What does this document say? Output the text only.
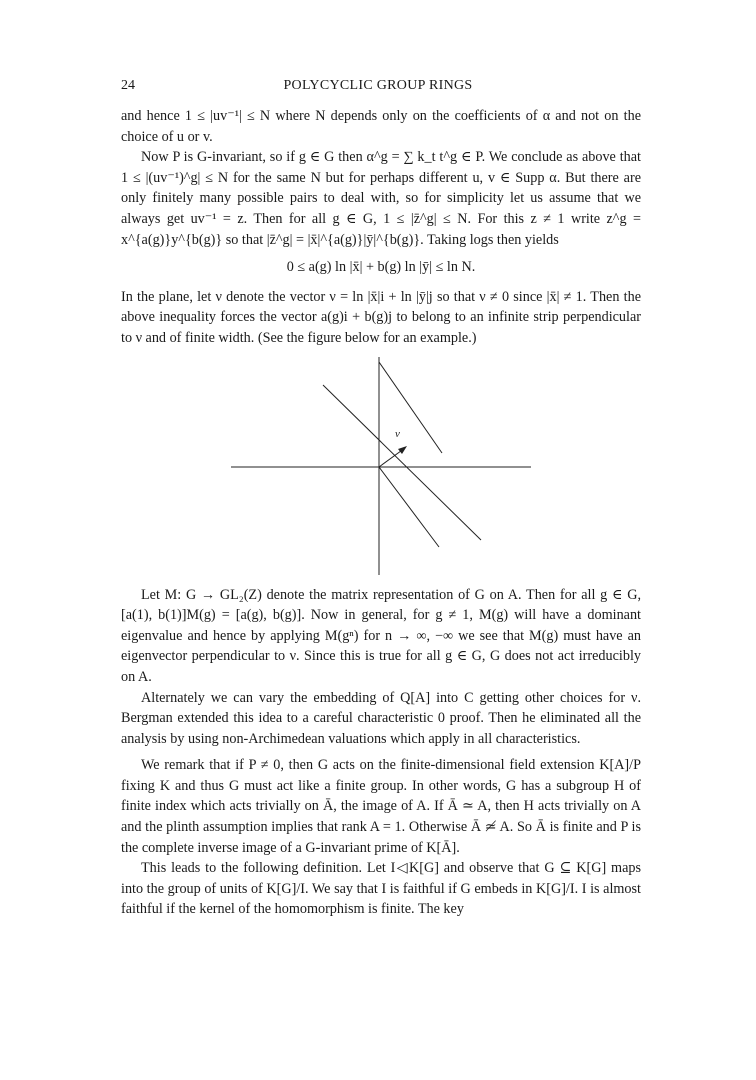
24	POLYCYCLIC GROUP RINGS

and hence 1 ≤ |uv⁻¹| ≤ N where N depends only on the coefficients of α and not on the choice of u or v.

Now P is G-invariant, so if g ∈ G then α^g = ∑ k_t t^g ∈ P. We conclude as above that 1 ≤ |(uv⁻¹)^g| ≤ N for the same N but for perhaps different u, v ∈ Supp α. But there are only finitely many possible pairs to deal with, so for simplicity let us assume that we always get uv⁻¹ = z. Then for all g ∈ G, 1 ≤ |z̄^g| ≤ N. For this z ≠ 1 write z^g = x^{a(g)}y^{b(g)} so that |z̄^g| = |x̄|^{a(g)}|ȳ|^{b(g)}. Taking logs then yields

0 ≤ a(g) ln |x̄| + b(g) ln |ȳ| ≤ ln N.

In the plane, let ν denote the vector ν = ln |x̄|i + ln |ȳ|j so that ν ≠ 0 since |x̄| ≠ 1. Then the above inequality forces the vector a(g)i + b(g)j to belong to an infinite strip perpendicular to ν and of finite width. (See the figure below for an example.)

ν

Let M: G → GL₂(Z) denote the matrix representation of G on A. Then for all g ∈ G, [a(1), b(1)]M(g) = [a(g), b(g)]. Now in general, for g ≠ 1, M(g) will have a dominant eigenvalue and hence by applying M(gⁿ) for n → ∞, −∞ we see that M(g) must have an eigenvector perpendicular to ν. Since this is true for all g ∈ G, G does not act irreducibly on A.

Alternately we can vary the embedding of Q[A] into C getting other choices for ν. Bergman extended this idea to a careful characteristic 0 proof. Then he eliminated all the analysis by using non-Archimedean valuations which apply in all characteristics.

We remark that if P ≠ 0, then G acts on the finite-dimensional field extension K[A]/P fixing K and thus G must act like a finite group. In other words, G has a subgroup H of finite index which acts trivially on Ā, the image of A. If Ā ≃ A, then H acts trivially on A and the plinth assumption implies that rank A = 1. Otherwise Ā ≄ A. So Ā is finite and P is the complete inverse image of a G-invariant prime of K[Ā].

This leads to the following definition. Let I◁K[G] and observe that G ⊆ K[G] maps into the group of units of K[G]/I. We say that I is faithful if G embeds in K[G]/I. I is almost faithful if the kernel of the homomorphism is finite. The key
